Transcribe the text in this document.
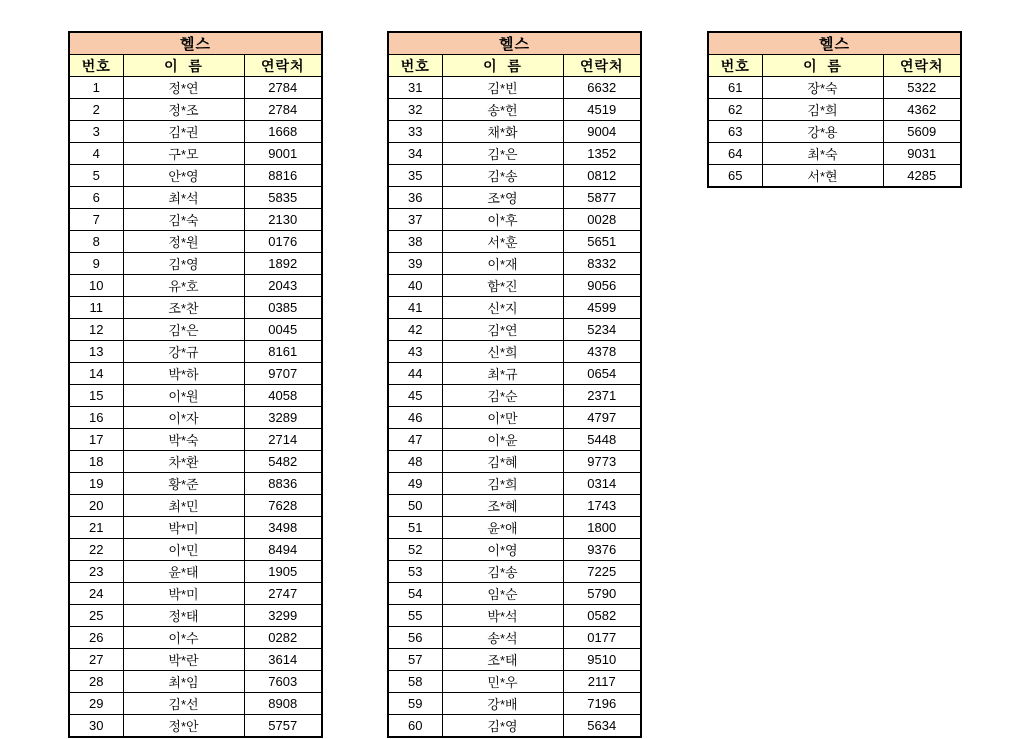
헬스		
번호	이  름	연락처
1	정*연	2784
2	정*조	2784
3	김*권	1668
4	구*모	9001
5	안*영	8816
6	최*석	5835
7	김*숙	2130
8	정*원	0176
9	김*영	1892
10	유*호	2043
11	조*찬	0385
12	김*은	0045
13	강*규	8161
14	박*하	9707
15	이*원	4058
16	이*자	3289
17	박*숙	2714
18	차*환	5482
19	황*준	8836
20	최*민	7628
21	박*미	3498
22	이*민	8494
23	윤*태	1905
24	박*미	2747
25	정*태	3299
26	이*수	0282
27	박*란	3614
28	최*임	7603
29	김*선	8908
30	정*안	5757
헬스		
번호	이  름	연락처
31	김*빈	6632
32	송*헌	4519
33	채*화	9004
34	김*은	1352
35	김*송	0812
36	조*영	5877
37	이*후	0028
38	서*훈	5651
39	이*재	8332
40	함*진	9056
41	신*지	4599
42	김*연	5234
43	신*희	4378
44	최*규	0654
45	김*순	2371
46	이*만	4797
47	이*윤	5448
48	김*혜	9773
49	김*희	0314
50	조*혜	1743
51	윤*애	1800
52	이*영	9376
53	김*송	7225
54	임*순	5790
55	박*석	0582
56	송*석	0177
57	조*태	9510
58	민*우	2117
59	강*배	7196
60	김*영	5634
헬스		
번호	이  름	연락처
61	장*숙	5322
62	김*희	4362
63	강*용	5609
64	최*숙	9031
65	서*현	4285
